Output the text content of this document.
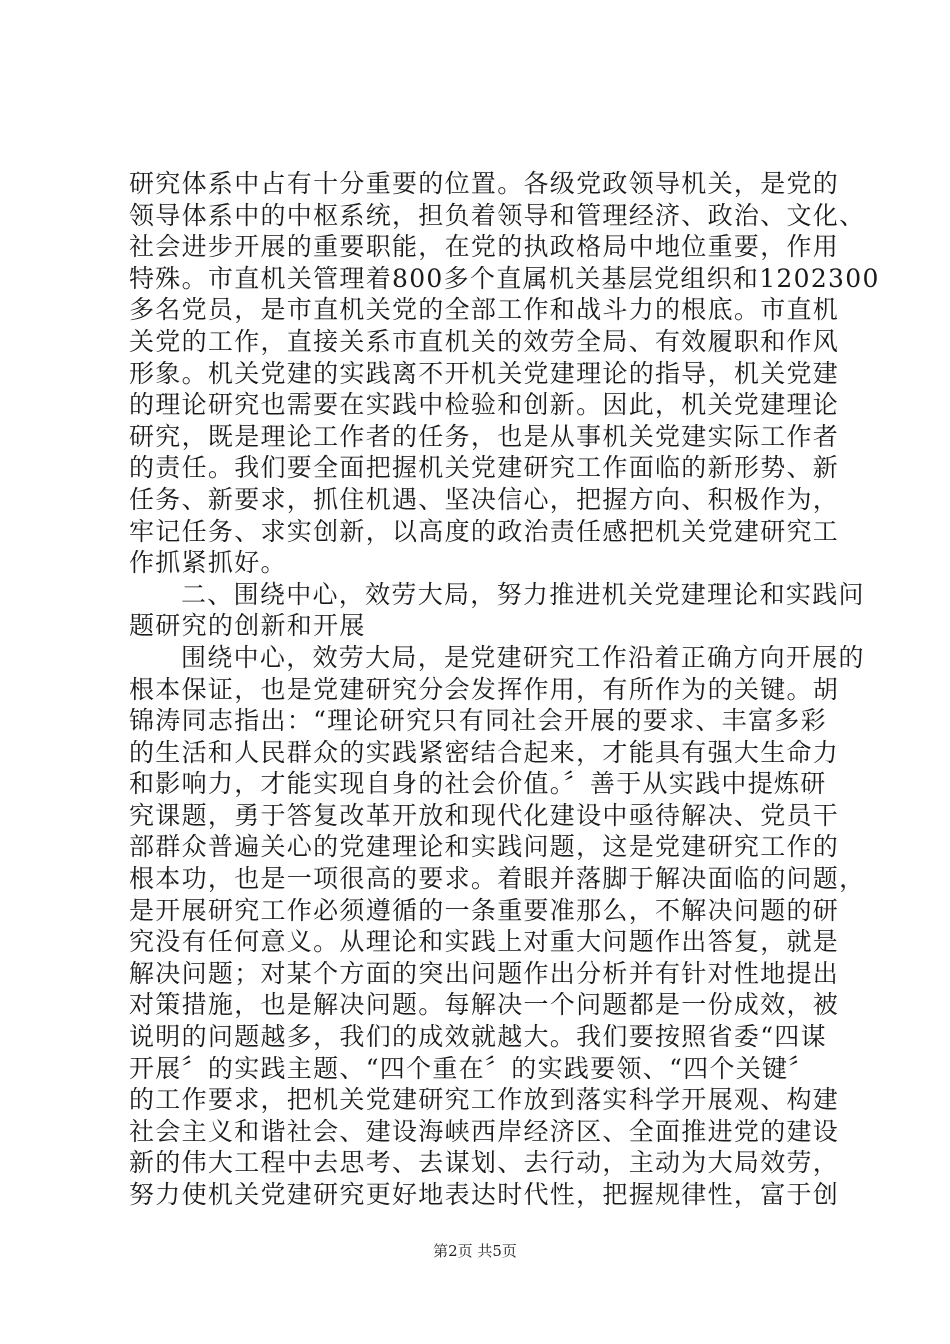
研究体系中占有十分重要的位置。各级党政领导机关，是党的
领导体系中的中枢系统，担负着领导和管理经济、政治、文化、
社会进步开展的重要职能，在党的执政格局中地位重要，作用
特殊。市直机关管理着800多个直属机关基层党组织和1202300
多名党员，是市直机关党的全部工作和战斗力的根底。市直机
关党的工作，直接关系市直机关的效劳全局、有效履职和作风
形象。机关党建的实践离不开机关党建理论的指导，机关党建
的理论研究也需要在实践中检验和创新。因此，机关党建理论
研究，既是理论工作者的任务，也是从事机关党建实际工作者
的责任。我们要全面把握机关党建研究工作面临的新形势、新
任务、新要求，抓住机遇、坚决信心，把握方向、积极作为，
牢记任务、求实创新，以高度的政治责任感把机关党建研究工
作抓紧抓好。
二、围绕中心，效劳大局，努力推进机关党建理论和实践问
题研究的创新和开展
围绕中心，效劳大局，是党建研究工作沿着正确方向开展的
根本保证，也是党建研究分会发挥作用，有所作为的关键。胡
锦涛同志指出：“理论研究只有同社会开展的要求、丰富多彩
的生活和人民群众的实践紧密结合起来，才能具有强大生命力
和影响力，才能实现自身的社会价值。〞善于从实践中提炼研
究课题，勇于答复改革开放和现代化建设中亟待解决、党员干
部群众普遍关心的党建理论和实践问题，这是党建研究工作的
根本功，也是一项很高的要求。着眼并落脚于解决面临的问题，
是开展研究工作必须遵循的一条重要准那么，不解决问题的研
究没有任何意义。从理论和实践上对重大问题作出答复，就是
解决问题；对某个方面的突出问题作出分析并有针对性地提出
对策措施，也是解决问题。每解决一个问题都是一份成效，被
说明的问题越多，我们的成效就越大。我们要按照省委“四谋
开展〞的实践主题、“四个重在〞的实践要领、“四个关键〞
的工作要求，把机关党建研究工作放到落实科学开展观、构建
社会主义和谐社会、建设海峡西岸经济区、全面推进党的建设
新的伟大工程中去思考、去谋划、去行动，主动为大局效劳，
努力使机关党建研究更好地表达时代性，把握规律性，富于创
第2页 共5页
